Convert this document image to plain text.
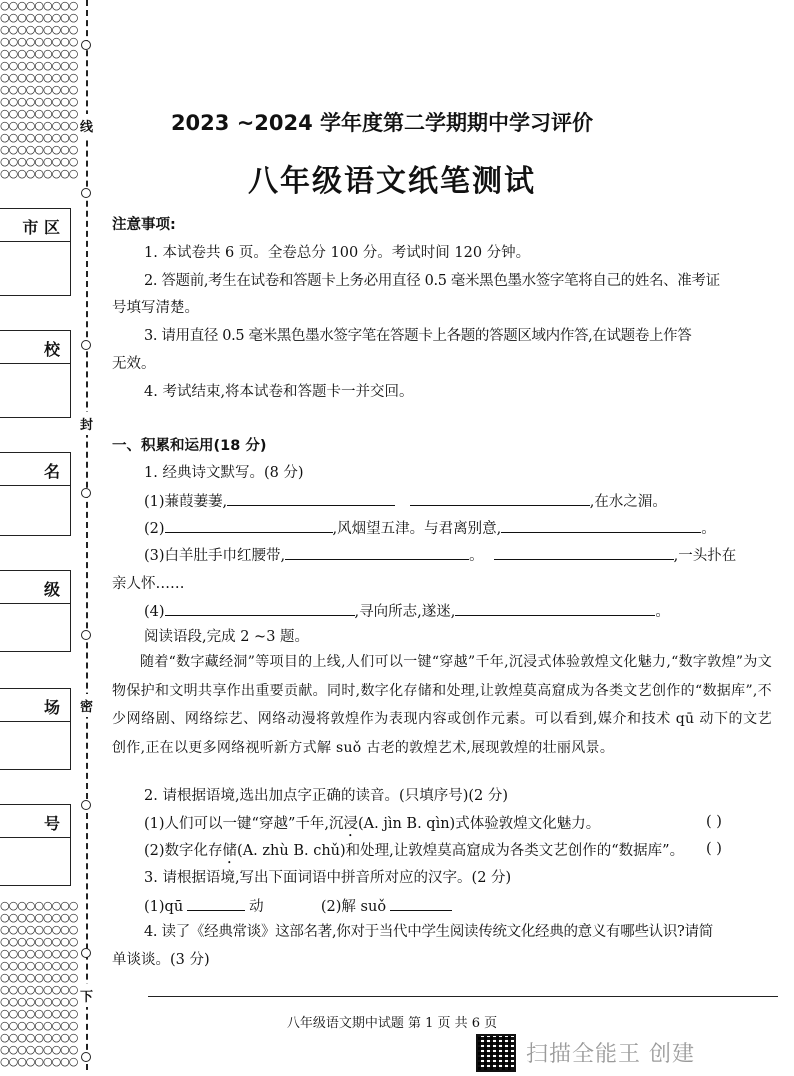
○○○○○○○○○
○○○○○○○○○
○○○○○○○○○
○○○○○○○○○
○○○○○○○○○
○○○○○○○○○
○○○○○○○○○
○○○○○○○○○
○○○○○○○○○
○○○○○○○○○
○○○○○○○○○
○○○○○○○○○
○○○○○○○○○
○○○○○○○○○
○○○○○○○○○
○○○○○○○○○
○○○○○○○○○
○○○○○○○○○
○○○○○○○○○
○○○○○○○○○
○○○○○○○○○
○○○○○○○○○
○○○○○○○○○
○○○○○○○○○
○○○○○○○○○
○○○○○○○○○
○○○○○○○○○
○○○○○○○○○
○○○○○○○○○
线
封
密
下
市 区
校
名
级
场
号
2023 ~2024 学年度第二学期期中学习评价
八年级语文纸笔测试
注意事项:
1. 本试卷共 6 页。全卷总分 100 分。考试时间 120 分钟。
2. 答题前,考生在试卷和答题卡上务必用直径 0.5 毫米黑色墨水签字笔将自己的姓名、准考证
号填写清楚。
3. 请用直径 0.5 毫米黑色墨水签字笔在答题卡上各题的答题区域内作答,在试题卷上作答
无效。
4. 考试结束,将本试卷和答题卡一并交回。
一、积累和运用(18 分)
1. 经典诗文默写。(8 分)
(1)蒹葭萋萋,	,在水之湄。
(2)	,风烟望五津。与君离别意,	。
(3)白羊肚手巾红腰带,	。	,一头扑在
亲人怀……
(4)	,寻向所志,遂迷,	。
阅读语段,完成 2 ~3 题。
随着“数字藏经洞”等项目的上线,人们可以一键“穿越”千年,沉浸式体验敦煌文化魅力,“数字敦煌”为文物保护和文明共享作出重要贡献。同时,数字化存储和处理,让敦煌莫高窟成为各类文艺创作的“数据库”,不少网络剧、网络综艺、网络动漫将敦煌作为表现内容或创作元素。可以看到,媒介和技术 qū 动下的文艺创作,正在以更多网络视听新方式解 suǒ 古老的敦煌艺术,展现敦煌的壮丽风景。
2. 请根据语境,选出加点字正确的读音。(只填序号)(2 分)
(1)人们可以一键“穿越”千年,沉浸(A. jìn B. qìn)式体验敦煌文化魅力。	( )
(2)数字化存储(A. zhù B. chǔ)和处理,让敦煌莫高窟成为各类文艺创作的“数据库”。 ( )
3. 请根据语境,写出下面词语中拼音所对应的汉字。(2 分)
(1)qū	动	(2)解 suǒ
4. 读了《经典常谈》这部名著,你对于当代中学生阅读传统文化经典的意义有哪些认识?请简
单谈谈。(3 分)
八年级语文期中试题 第 1 页 共 6 页
扫描全能王 创建
